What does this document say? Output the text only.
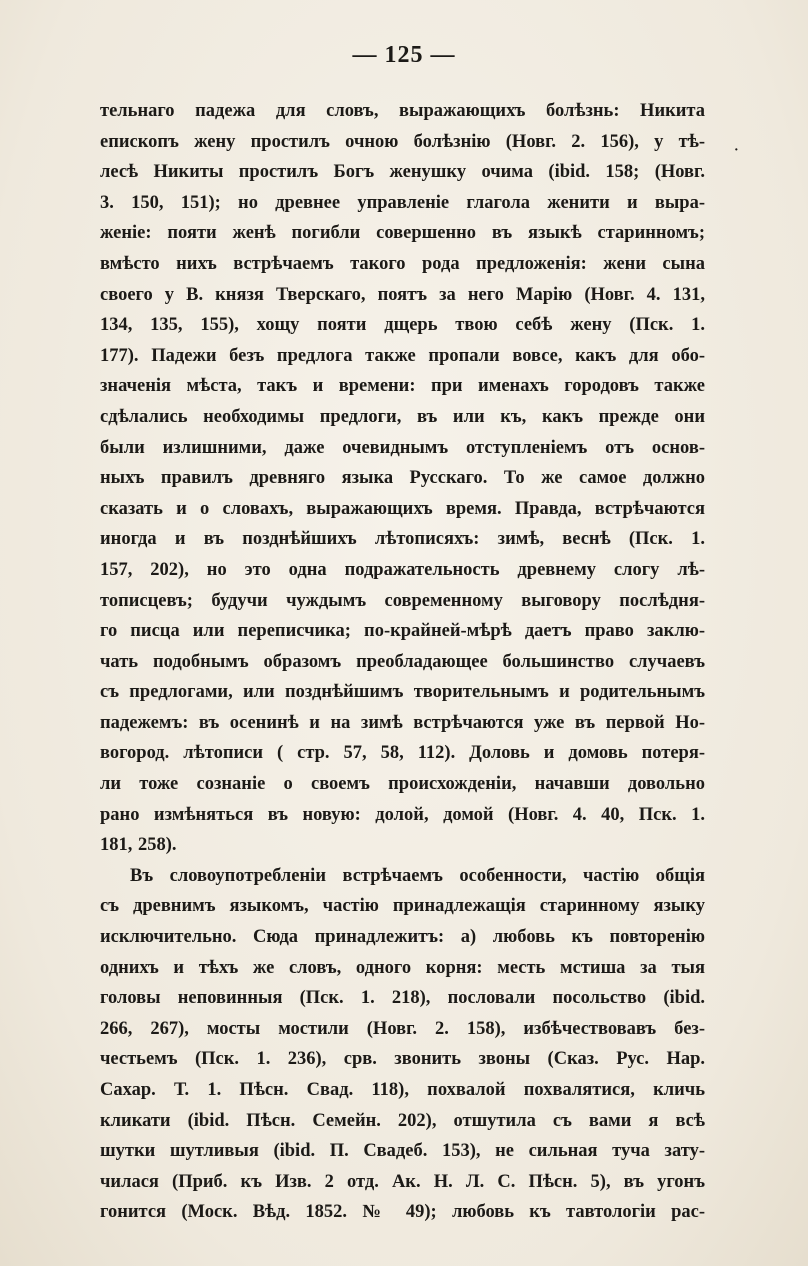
— 125 —
·
тельнаго падежа для словъ, выражающихъ болѣзнь: Никита
епископъ жену простилъ очною болѣзнію (Новг. 2. 156), у тѣ-
лесѣ Никиты простилъ Богъ женушку очима (ibid. 158; (Новг.
3. 150, 151); но древнее управленіе глагола женити и выра-
женіе: пояти женѣ погибли совершенно въ языкѣ старинномъ;
вмѣсто нихъ встрѣчаемъ такого рода предложенія: жени сына
своего у В. князя Тверскаго, поятъ за него Марію (Новг. 4. 131,
134, 135, 155), хощу пояти дщерь твою себѣ жену (Пск. 1.
177). Падежи безъ предлога также пропали вовсе, какъ для обо-
значенія мѣста, такъ и времени: при именахъ городовъ также
сдѣлались необходимы предлоги, въ или къ, какъ прежде они
были излишними, даже очевиднымъ отступленіемъ отъ основ-
ныхъ правилъ древняго языка Русскаго. То же самое должно
сказать и о словахъ, выражающихъ время. Правда, встрѣчаются
иногда и въ позднѣйшихъ лѣтописяхъ: зимѣ, веснѣ (Пск. 1.
157, 202), но это одна подражательность древнему слогу лѣ-
тописцевъ; будучи чуждымъ современному выговору послѣдня-
го писца или переписчика; по-крайней-мѣрѣ даетъ право заклю-
чать подобнымъ образомъ преобладающее большинство случаевъ
съ предлогами, или позднѣйшимъ творительнымъ и родительнымъ
падежемъ: въ осенинѣ и на зимѣ встрѣчаются уже въ первой Но-
вогород. лѣтописи ( стр. 57, 58, 112). Доловь и домовь потеря-
ли тоже сознаніе о своемъ происхожденіи, начавши довольно
рано измѣняться въ новую: долой, домой (Новг. 4. 40, Пск. 1.
181, 258).
Въ словоупотребленіи встрѣчаемъ особенности, частію общія
съ древнимъ языкомъ, частію принадлежащія старинному языку
исключительно. Сюда принадлежитъ: а) любовь къ повторенію
однихъ и тѣхъ же словъ, одного корня: месть мстиша за тыя
головы неповинныя (Пск. 1. 218), пословали посольство (ibid.
266, 267), мосты мостили (Новг. 2. 158), избѣчествовавъ без-
честьемъ (Пск. 1. 236), срв. звонить звоны (Сказ. Рус. Нар.
Сахар. Т. 1. Пѣсн. Свад. 118), похвалой похвалятися, кличь
кликати (ibid. Пѣсн. Семейн. 202), отшутила съ вами я всѣ
шутки шутливыя (ibid. П. Свадеб. 153), не сильная туча зату-
чилася (Приб. къ Изв. 2 отд. Ак. Н. Л. С. Пѣсн. 5), въ угонъ
гонится (Моск. Вѣд. 1852. № 49); любовь къ тавтологіи рас-
